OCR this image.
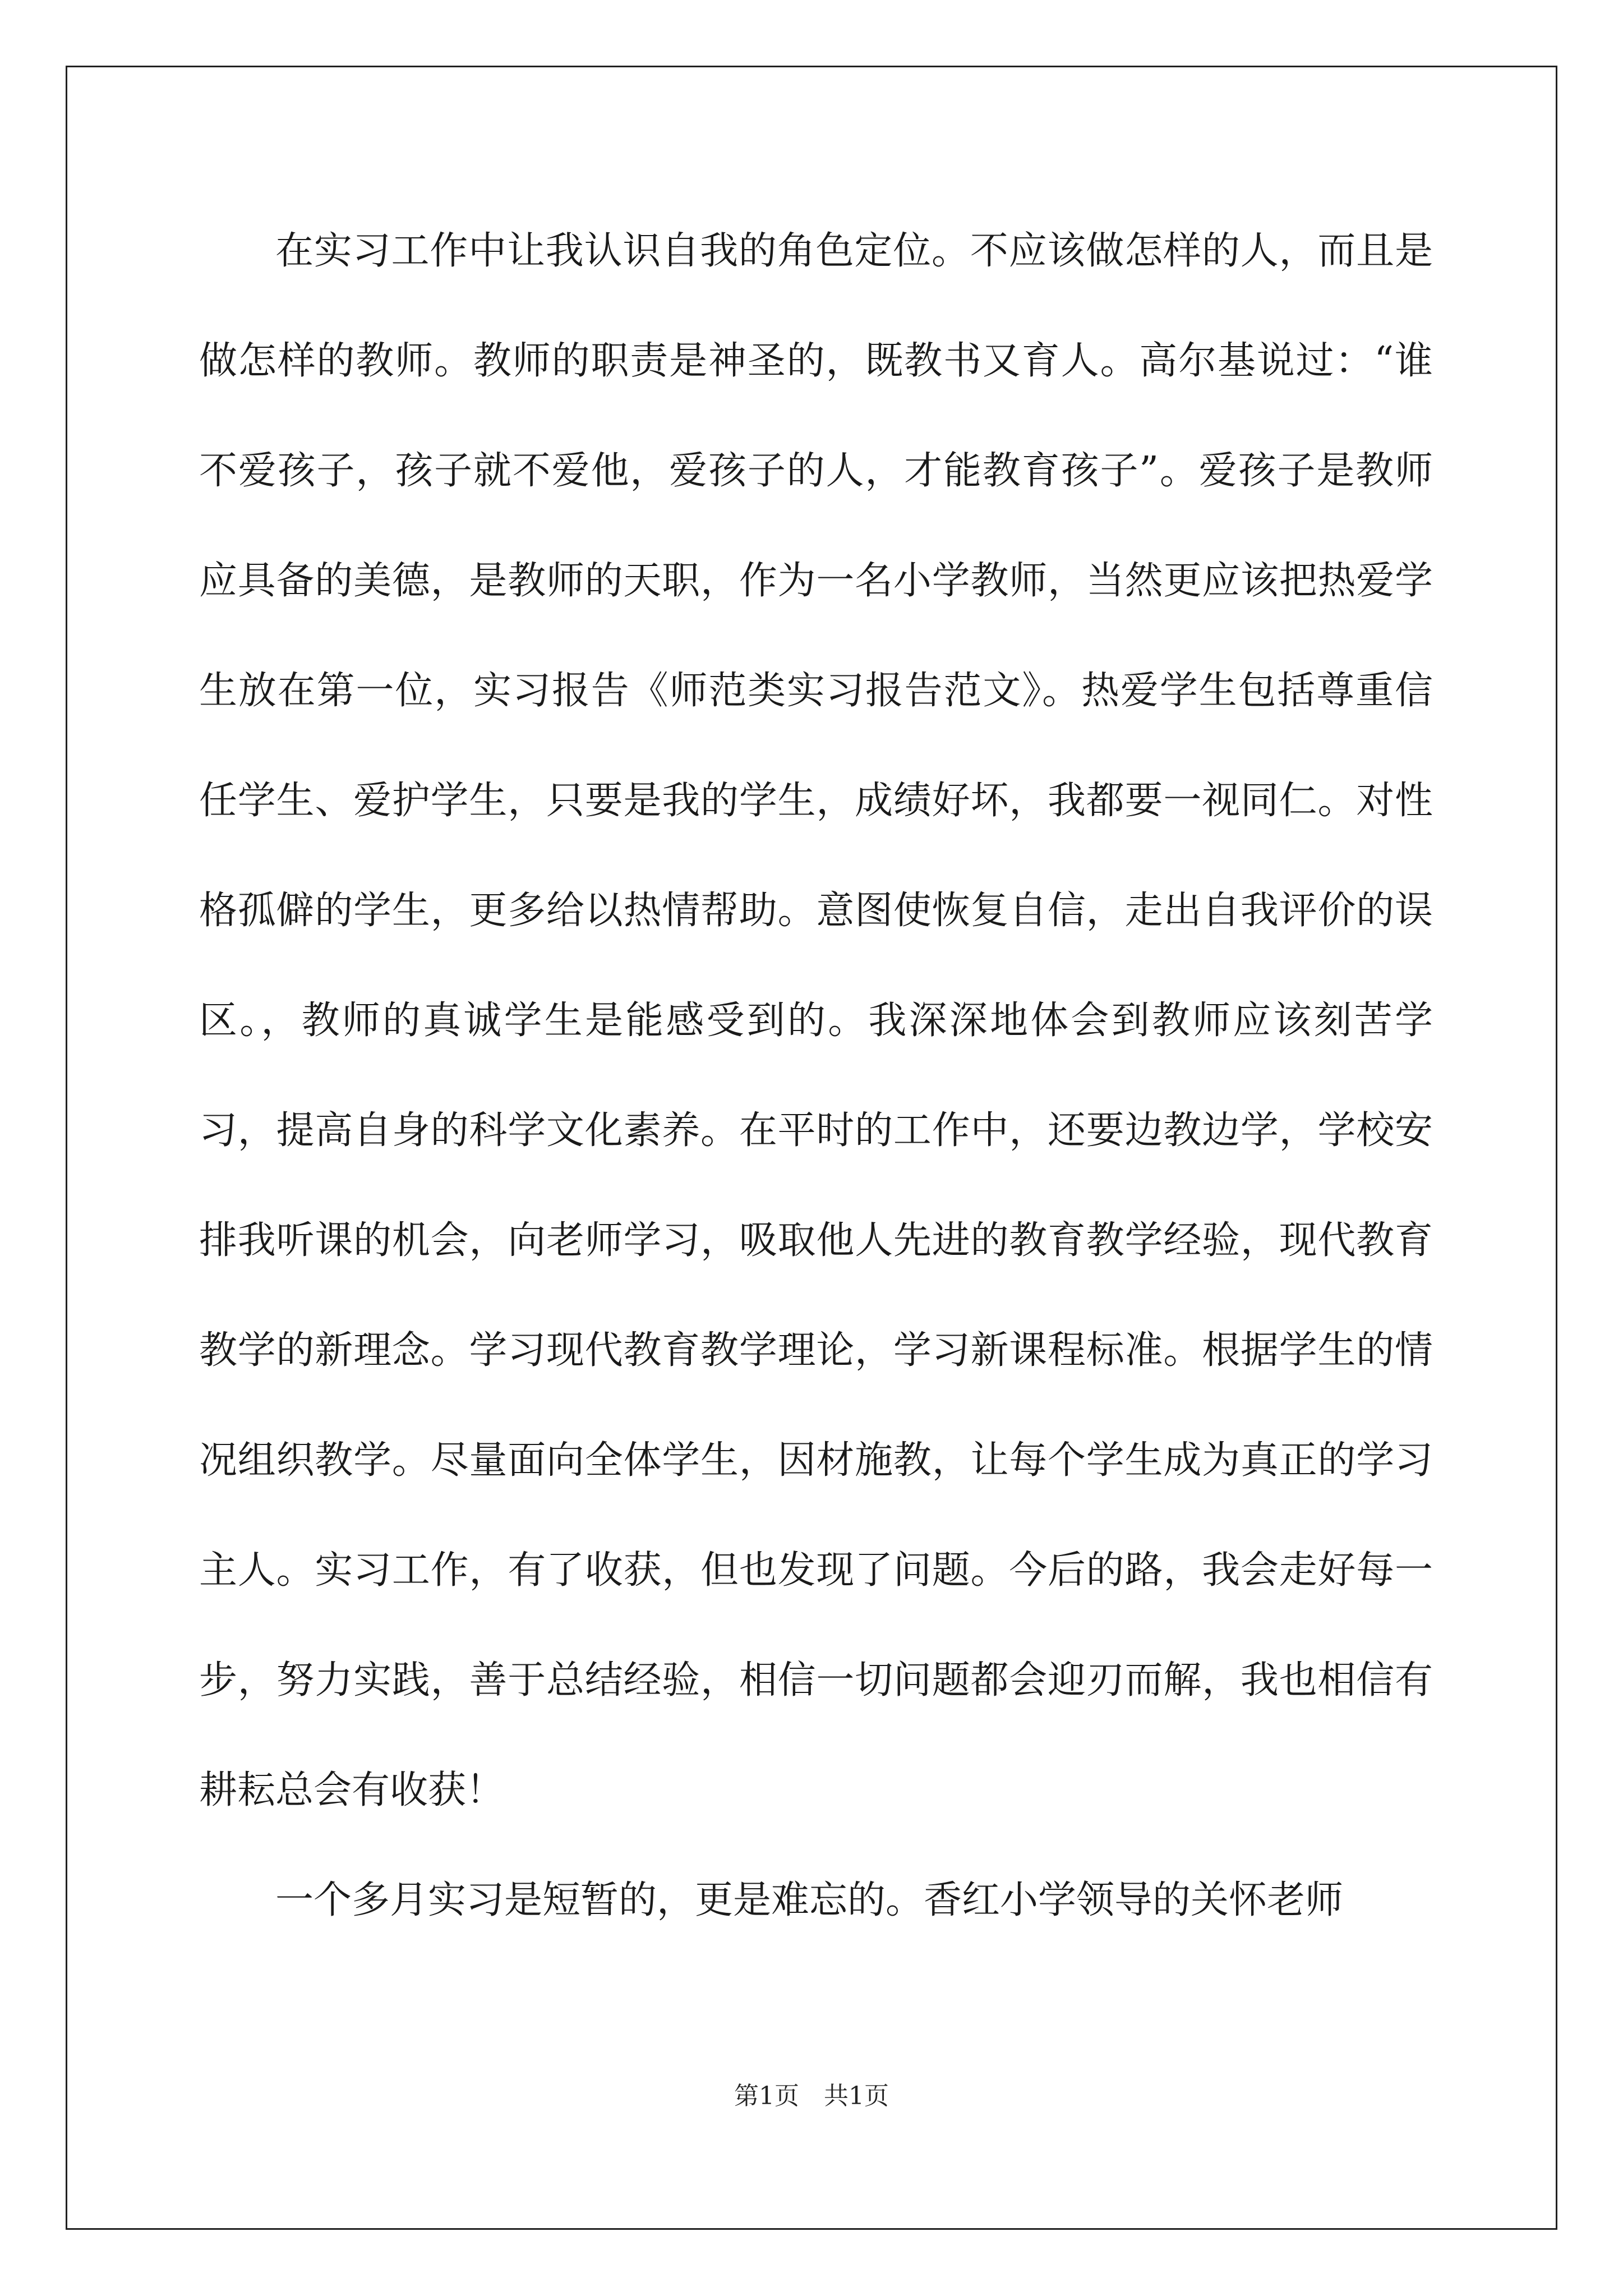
在实习工作中让我认识自我的角色定位。不应该做怎样的人，而且是做怎样的教师。教师的职责是神圣的，既教书又育人。高尔基说过：“谁不爱孩子，孩子就不爱他，爱孩子的人，才能教育孩子”。爱孩子是教师应具备的美德，是教师的天职，作为一名小学教师，当然更应该把热爱学生放在第一位，实习报告《师范类实习报告范文》。热爱学生包括尊重信任学生、爱护学生，只要是我的学生，成绩好坏，我都要一视同仁。对性格孤僻的学生，更多给以热情帮助。意图使恢复自信，走出自我评价的误区。，教师的真诚学生是能感受到的。我深深地体会到教师应该刻苦学习，提高自身的科学文化素养。在平时的工作中，还要边教边学，学校安排我听课的机会，向老师学习，吸取他人先进的教育教学经验，现代教育教学的新理念。学习现代教育教学理论，学习新课程标准。根据学生的情况组织教学。尽量面向全体学生，因材施教，让每个学生成为真正的学习主人。实习工作，有了收获，但也发现了问题。今后的路，我会走好每一步，努力实践，善于总结经验，相信一切问题都会迎刃而解，我也相信有耕耘总会有收获！

一个多月实习是短暂的，更是难忘的。香红小学领导的关怀老师

第1页　共1页
